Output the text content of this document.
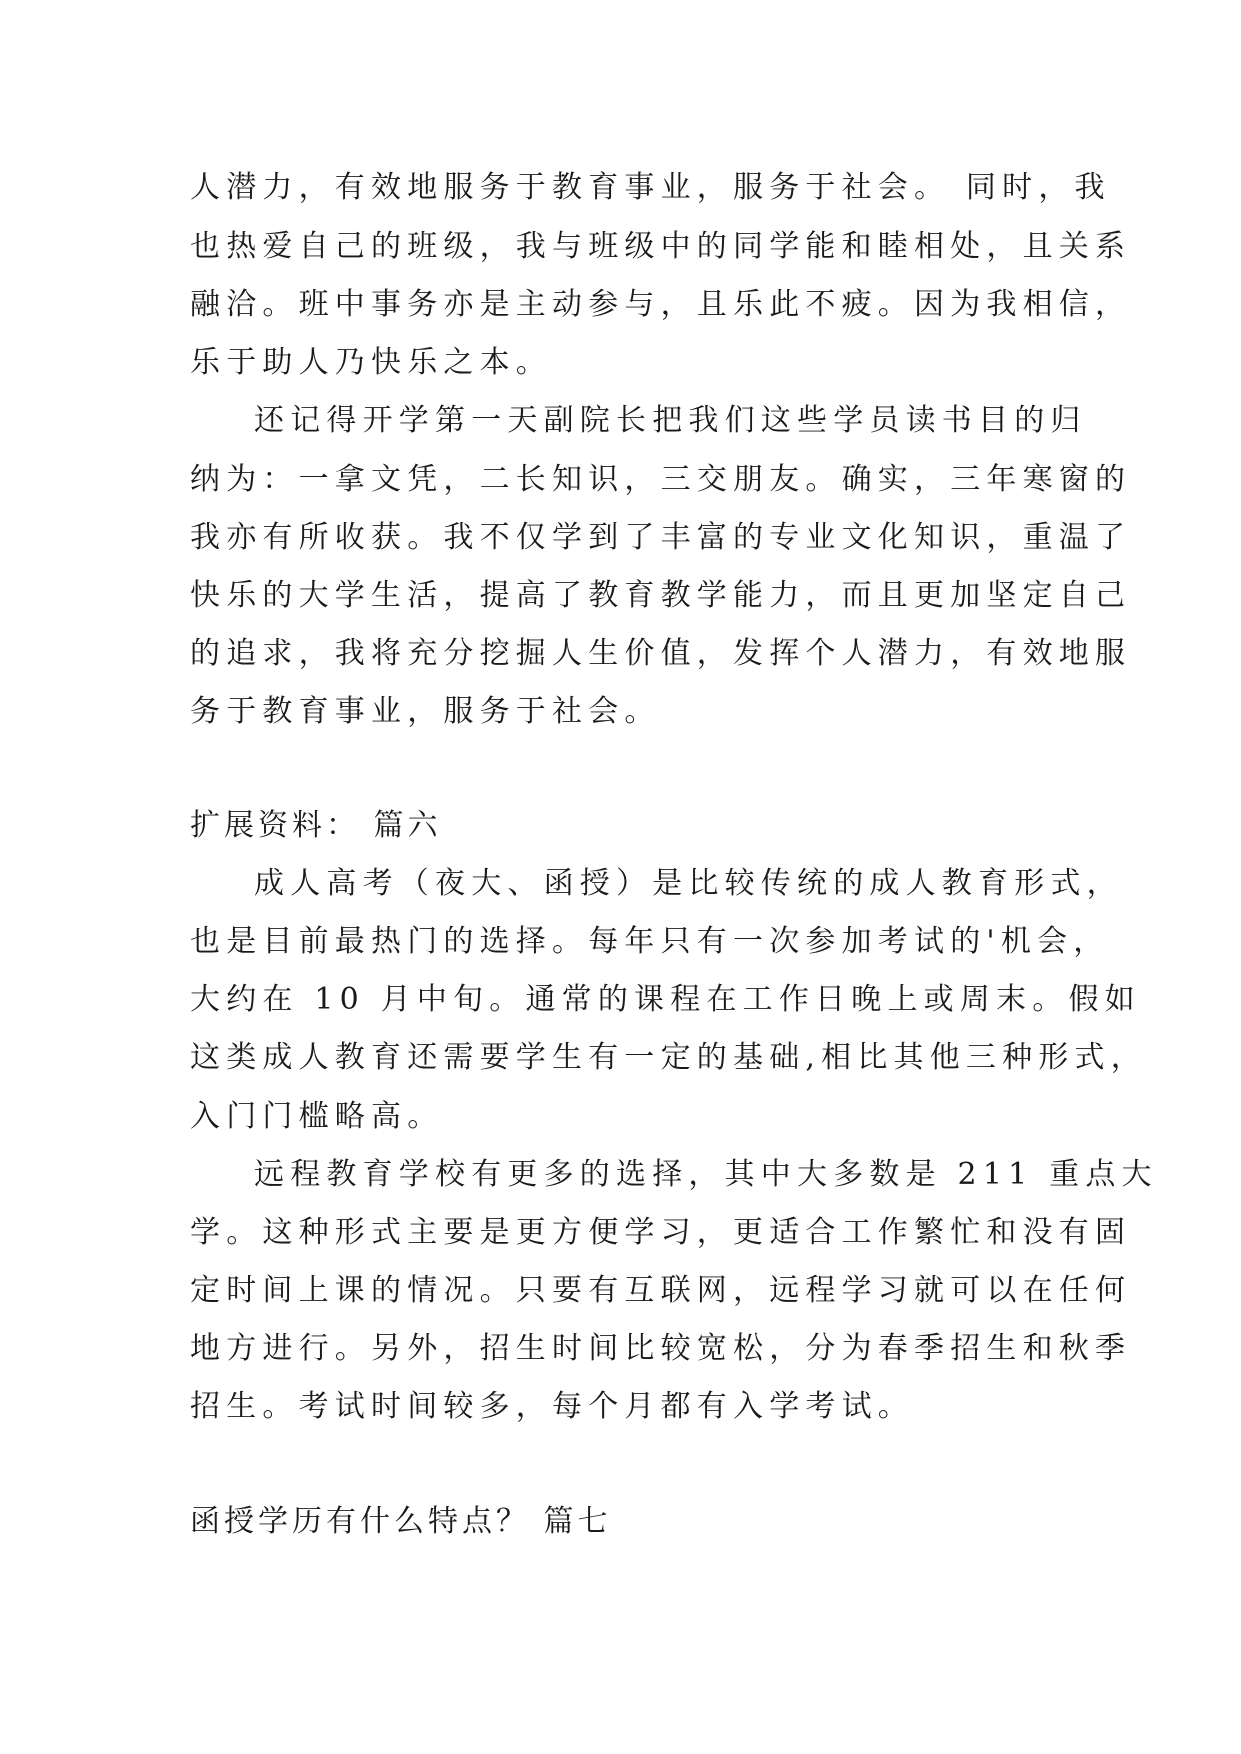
人潜力，有效地服务于教育事业，服务于社会。 同时，我
也热爱自己的班级，我与班级中的同学能和睦相处，且关系
融洽。班中事务亦是主动参与，且乐此不疲。因为我相信，
乐于助人乃快乐之本。
还记得开学第一天副院长把我们这些学员读书目的归
纳为：一拿文凭，二长知识，三交朋友。确实，三年寒窗的
我亦有所收获。我不仅学到了丰富的专业文化知识，重温了
快乐的大学生活，提高了教育教学能力，而且更加坚定自己
的追求，我将充分挖掘人生价值，发挥个人潜力，有效地服
务于教育事业，服务于社会。
扩展资料： 篇六
成人高考（夜大、函授）是比较传统的成人教育形式，
也是目前最热门的选择。每年只有一次参加考试的'机会，
大约在 10 月中旬。通常的课程在工作日晚上或周末。假如
这类成人教育还需要学生有一定的基础,相比其他三种形式，
入门门槛略高。
远程教育学校有更多的选择，其中大多数是 211 重点大
学。这种形式主要是更方便学习，更适合工作繁忙和没有固
定时间上课的情况。只要有互联网，远程学习就可以在任何
地方进行。另外，招生时间比较宽松，分为春季招生和秋季
招生。考试时间较多，每个月都有入学考试。
函授学历有什么特点？ 篇七
